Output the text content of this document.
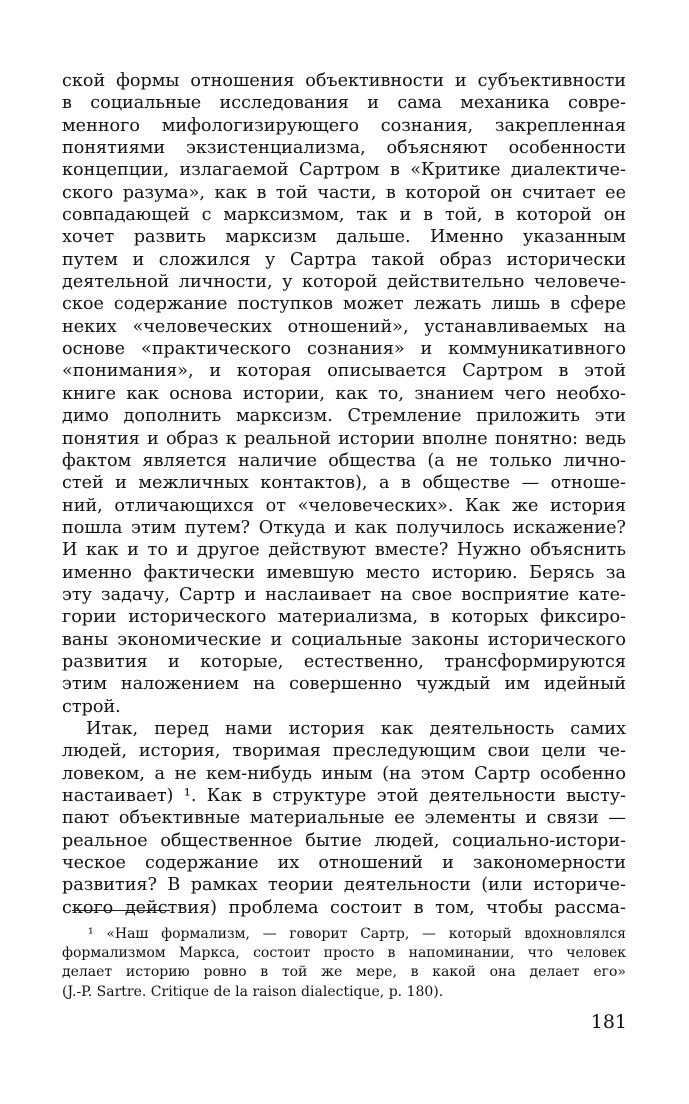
ской формы отношения объективности и субъективности
в социальные исследования и сама механика совре-
менного мифологизирующего сознания, закрепленная
понятиями экзистенциализма, объясняют особенности
концепции, излагаемой Сартром в «Критике диалектиче-
ского разума», как в той части, в которой он считает ее
совпадающей с марксизмом, так и в той, в которой он
хочет развить марксизм дальше. Именно указанным
путем и сложился у Сартра такой образ исторически
деятельной личности, у которой действительно человече-
ское содержание поступков может лежать лишь в сфере
неких «человеческих отношений», устанавливаемых на
основе «практического сознания» и коммуникативного
«понимания», и которая описывается Сартром в этой
книге как основа истории, как то, знанием чего необхо-
димо дополнить марксизм. Стремление приложить эти
понятия и образ к реальной истории вполне понятно: ведь
фактом является наличие общества (а не только лично-
стей и межличных контактов), а в обществе — отноше-
ний, отличающихся от «человеческих». Как же история
пошла этим путем? Откуда и как получилось искажение?
И как и то и другое действуют вместе? Нужно объяснить
именно фактически имевшую место историю. Берясь за
эту задачу, Сартр и наслаивает на свое восприятие кате-
гории исторического материализма, в которых фиксиро-
ваны экономические и социальные законы исторического
развития и которые, естественно, трансформируются
этим наложением на совершенно чуждый им идейный
строй.
Итак, перед нами история как деятельность самих
людей, история, творимая преследующим свои цели че-
ловеком, а не кем-нибудь иным (на этом Сартр особенно
настаивает) ¹. Как в структуре этой деятельности высту-
пают объективные материальные ее элементы и связи —
реальное общественное бытие людей, социально-истори-
ческое содержание их отношений и закономерности
развития? В рамках теории деятельности (или историче-
ского действия) проблема состоит в том, чтобы рассма-
¹ «Наш формализм, — говорит Сартр, — который вдохновлялся
формализмом Маркса, состоит просто в напоминании, что человек
делает историю ровно в той же мере, в какой она делает его»
(J.-P. Sartre. Critique de la raison dialectique, p. 180).
181
